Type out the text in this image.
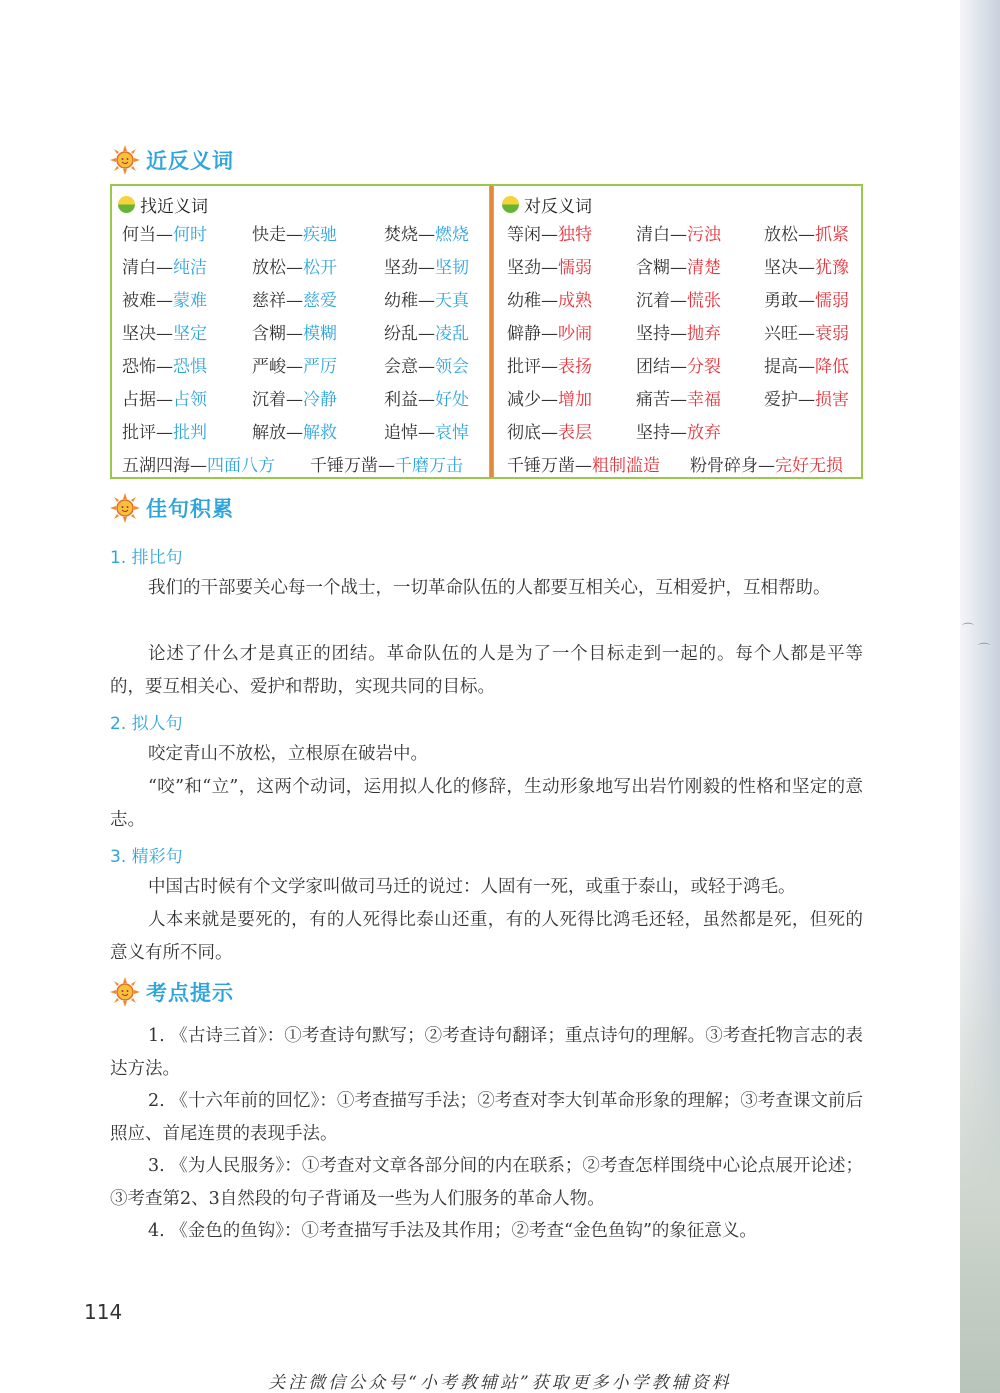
⌒
⌒
近反义词
找近义词	对反义词
何当—何时	快走—疾驰	焚烧—燃烧
清白—纯洁	放松—松开	坚劲—坚韧
被难—蒙难	慈祥—慈爱	幼稚—天真
坚决—坚定	含糊—模糊	纷乱—凌乱
恐怖—恐惧	严峻—严厉	会意—领会
占据—占领	沉着—冷静	利益—好处
批评—批判	解放—解救	追悼—哀悼
五湖四海—四面八方 千锤万凿—千磨万击
等闲—独特	清白—污浊	放松—抓紧
坚劲—懦弱	含糊—清楚	坚决—犹豫
幼稚—成熟	沉着—慌张	勇敢—懦弱
僻静—吵闹	坚持—抛弃	兴旺—衰弱
批评—表扬	团结—分裂	提高—降低
减少—增加	痛苦—幸福	爱护—损害
彻底—表层	坚持—放弃
千锤万凿—粗制滥造 粉骨碎身—完好无损
佳句积累
1. 排比句

我们的干部要关心每一个战士，一切革命队伍的人都要互相关心，互相爱护，互相帮助。

论述了什么才是真正的团结。革命队伍的人是为了一个目标走到一起的。每个人都是平等的，要互相关心、爱护和帮助，实现共同的目标。

2. 拟人句

咬定青山不放松，立根原在破岩中。

“咬”和“立”，这两个动词，运用拟人化的修辞，生动形象地写出岩竹刚毅的性格和坚定的意志。

3. 精彩句

中国古时候有个文学家叫做司马迁的说过：人固有一死，或重于泰山，或轻于鸿毛。

人本来就是要死的，有的人死得比泰山还重，有的人死得比鸿毛还轻，虽然都是死，但死的意义有所不同。

考点提示

1. 《古诗三首》：①考查诗句默写；②考查诗句翻译；重点诗句的理解。③考查托物言志的表达方法。

2. 《十六年前的回忆》：①考查描写手法；②考查对李大钊革命形象的理解；③考查课文前后照应、首尾连贯的表现手法。

3. 《为人民服务》：①考查对文章各部分间的内在联系；②考查怎样围绕中心论点展开论述；③考查第2、3自然段的句子背诵及一些为人们服务的革命人物。

4. 《金色的鱼钩》：①考查描写手法及其作用；②考查“金色鱼钩”的象征意义。

114
关注微信公众号“小考教辅站”获取更多小学教辅资料
